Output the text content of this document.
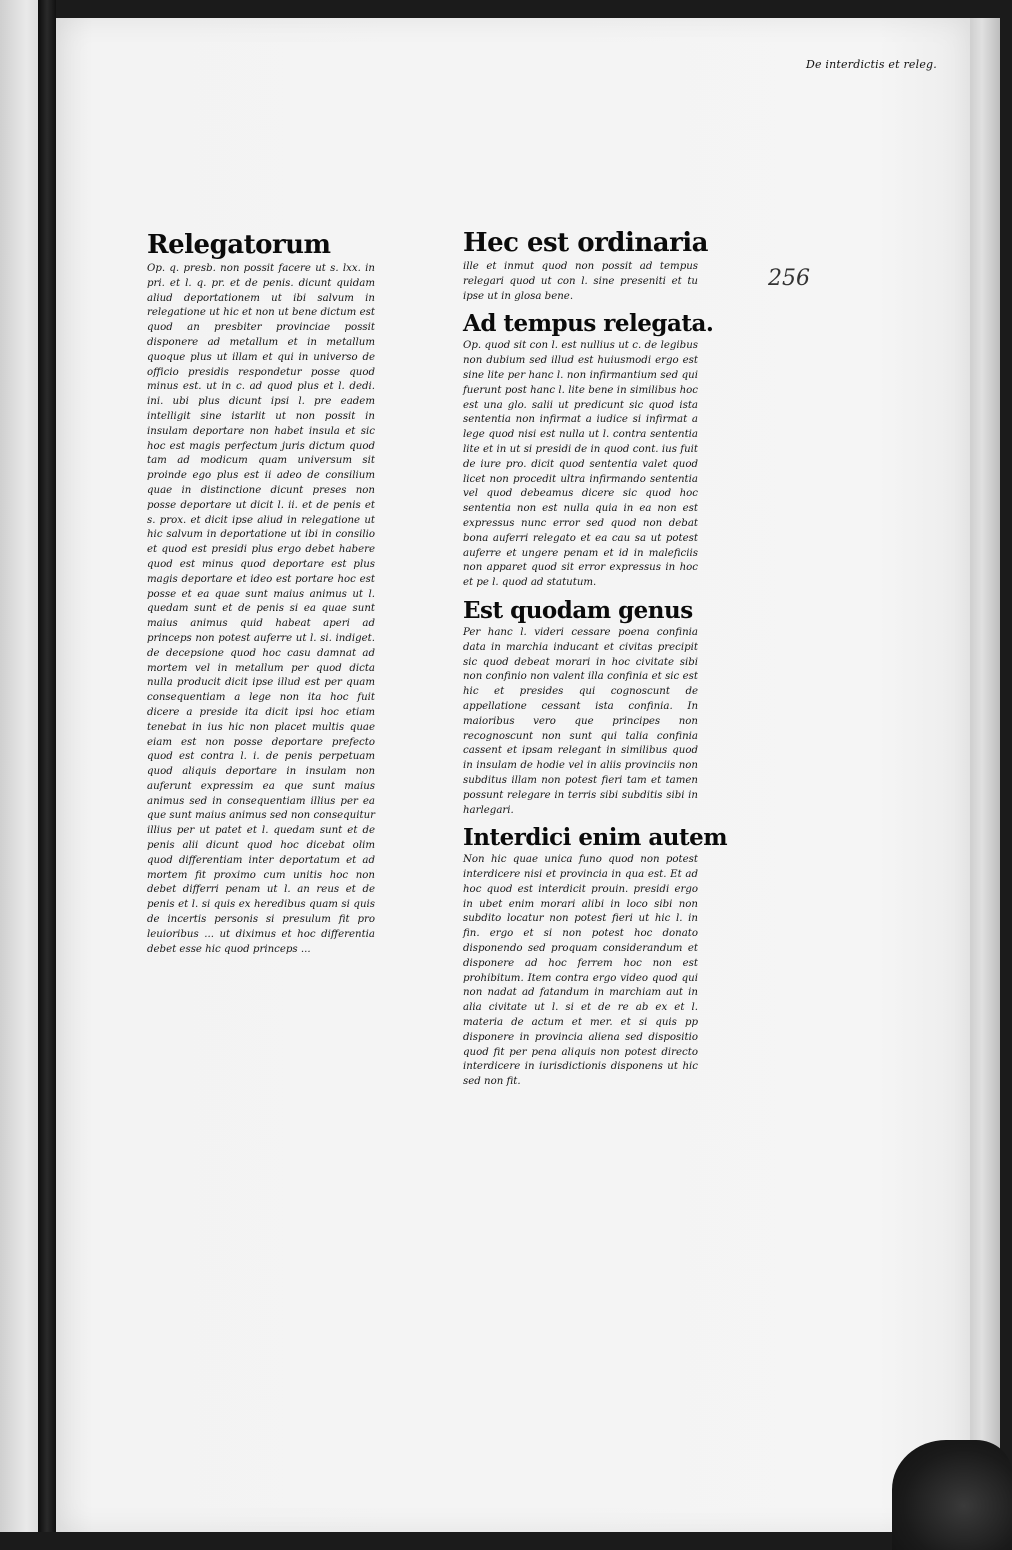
De interdictis et releg.
256
Relegatorum
Op. q. presb. non possit facere ut s. lxx. in pri. et l. q. pr. et de penis. dicunt quidam aliud deportationem ut ibi salvum in relegatione ut hic et non ut bene dictum est quod an presbiter provinciae possit disponere ad metallum et in metallum quoque plus ut illam et qui in universo de officio presidis respondetur posse quod minus est. ut in c. ad quod plus et l. dedi. ini. ubi plus dicunt ipsi l. pre eadem intelligit sine istarlit ut non possit in insulam deportare non habet insula et sic hoc est magis perfectum juris dictum quod tam ad modicum quam universum sit proinde ego plus est ii adeo de consilium quae in distinctione dicunt preses non posse deportare ut dicit l. ii. et de penis et s. prox. et dicit ipse aliud in relegatione ut hic salvum in deportatione ut ibi in consilio et quod est presidi plus ergo debet habere quod est minus quod deportare est plus magis deportare et ideo est portare hoc est posse et ea quae sunt maius animus ut l. quedam sunt et de penis si ea quae sunt maius animus quid habeat aperi ad princeps non potest auferre ut l. si. indiget. de decepsione quod hoc casu damnat ad mortem vel in metallum per quod dicta nulla producit dicit ipse illud est per quam consequentiam a lege non ita hoc fuit dicere a preside ita dicit ipsi hoc etiam tenebat in ius hic non placet multis quae eiam est non posse deportare prefecto quod est contra l. i. de penis perpetuam quod aliquis deportare in insulam non auferunt expressim ea que sunt maius animus sed in consequentiam illius per ea que sunt maius animus sed non consequitur illius per ut patet et l. quedam sunt et de penis alii dicunt quod hoc dicebat olim quod differentiam inter deportatum et ad mortem fit proximo cum unitis hoc non debet differri penam ut l. an reus et de penis et l. si quis ex heredibus quam si quis de incertis personis si presulum fit pro leuioribus ... ut diximus et hoc differentia debet esse hic quod princeps ...
Hec est ordinaria
ille et inmut quod non possit ad tempus relegari quod ut con l. sine preseniti et tu ipse ut in glosa bene.
Ad tempus relegata.
Op. quod sit con l. est nullius ut c. de legibus non dubium sed illud est huiusmodi ergo est sine lite per hanc l. non infirmantium sed qui fuerunt post hanc l. lite bene in similibus hoc est una glo. salii ut predicunt sic quod ista sententia non infirmat a iudice si infirmat a lege quod nisi est nulla ut l. contra sententia lite et in ut si presidi de in quod cont. ius fuit de iure pro. dicit quod sententia valet quod licet non procedit ultra infirmando sententia vel quod debeamus dicere sic quod hoc sententia non est nulla quia in ea non est expressus nunc error sed quod non debat bona auferri relegato et ea cau sa ut potest auferre et ungere penam et id in maleficiis non apparet quod sit error expressus in hoc et pe l. quod ad statutum.
Est quodam genus
Per hanc l. videri cessare poena confinia data in marchia inducant et civitas precipit sic quod debeat morari in hoc civitate sibi non confinio non valent illa confinia et sic est hic et presides qui cognoscunt de appellatione cessant ista confinia. In maioribus vero que principes non recognoscunt non sunt qui talia confinia cassent et ipsam relegant in similibus quod in insulam de hodie vel in aliis provinciis non subditus illam non potest fieri tam et tamen possunt relegare in terris sibi subditis sibi in harlegari.
Interdici enim autem
Non hic quae unica funo quod non potest interdicere nisi et provincia in qua est. Et ad hoc quod est interdicit prouin. presidi ergo in ubet enim morari alibi in loco sibi non subdito locatur non potest fieri ut hic l. in fin. ergo et si non potest hoc donato disponendo sed proquam considerandum et disponere ad hoc ferrem hoc non est prohibitum. Item contra ergo video quod qui non nadat ad fatandum in marchiam aut in alia civitate ut l. si et de re ab ex et l. materia de actum et mer. et si quis pp disponere in provincia aliena sed dispositio quod fit per pena aliquis non potest directo interdicere in iurisdictionis disponens ut hic sed non fit.
